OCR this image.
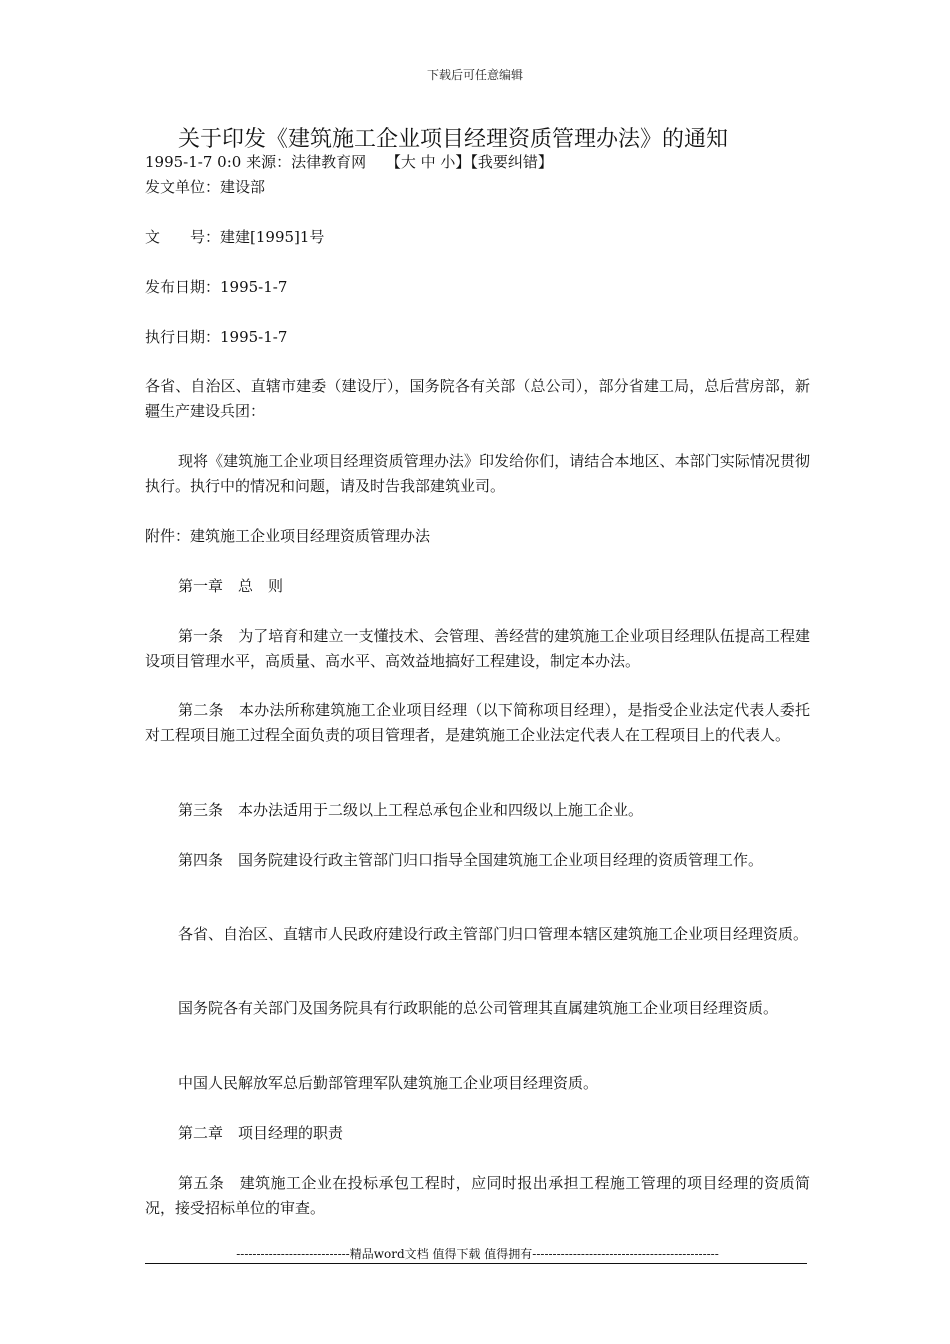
下载后可任意编辑
关于印发《建筑施工企业项目经理资质管理办法》的通知
1995-1-7 0:0 来源：法律教育网　 【大 中 小】【我要纠错】
发文单位：建设部
文　　号：建建[1995]1号
发布日期：1995-1-7
执行日期：1995-1-7
各省、自治区、直辖市建委（建设厅），国务院各有关部（总公司），部分省建工局，总后营房部，新疆生产建设兵团：
现将《建筑施工企业项目经理资质管理办法》印发给你们，请结合本地区、本部门实际情况贯彻执行。执行中的情况和问题，请及时告我部建筑业司。
附件：建筑施工企业项目经理资质管理办法
第一章　总　则
第一条　为了培育和建立一支懂技术、会管理、善经营的建筑施工企业项目经理队伍提高工程建设项目管理水平，高质量、高水平、高效益地搞好工程建设，制定本办法。
第二条　本办法所称建筑施工企业项目经理（以下简称项目经理），是指受企业法定代表人委托对工程项目施工过程全面负责的项目管理者，是建筑施工企业法定代表人在工程项目上的代表人。
第三条　本办法适用于二级以上工程总承包企业和四级以上施工企业。
第四条　国务院建设行政主管部门归口指导全国建筑施工企业项目经理的资质管理工作。
各省、自治区、直辖市人民政府建设行政主管部门归口管理本辖区建筑施工企业项目经理资质。
国务院各有关部门及国务院具有行政职能的总公司管理其直属建筑施工企业项目经理资质。
中国人民解放军总后勤部管理军队建筑施工企业项目经理资质。
第二章　项目经理的职责
第五条　建筑施工企业在投标承包工程时，应同时报出承担工程施工管理的项目经理的资质简况，接受招标单位的审查。
----------------------------精品word文档 值得下载 值得拥有----------------------------------------------
